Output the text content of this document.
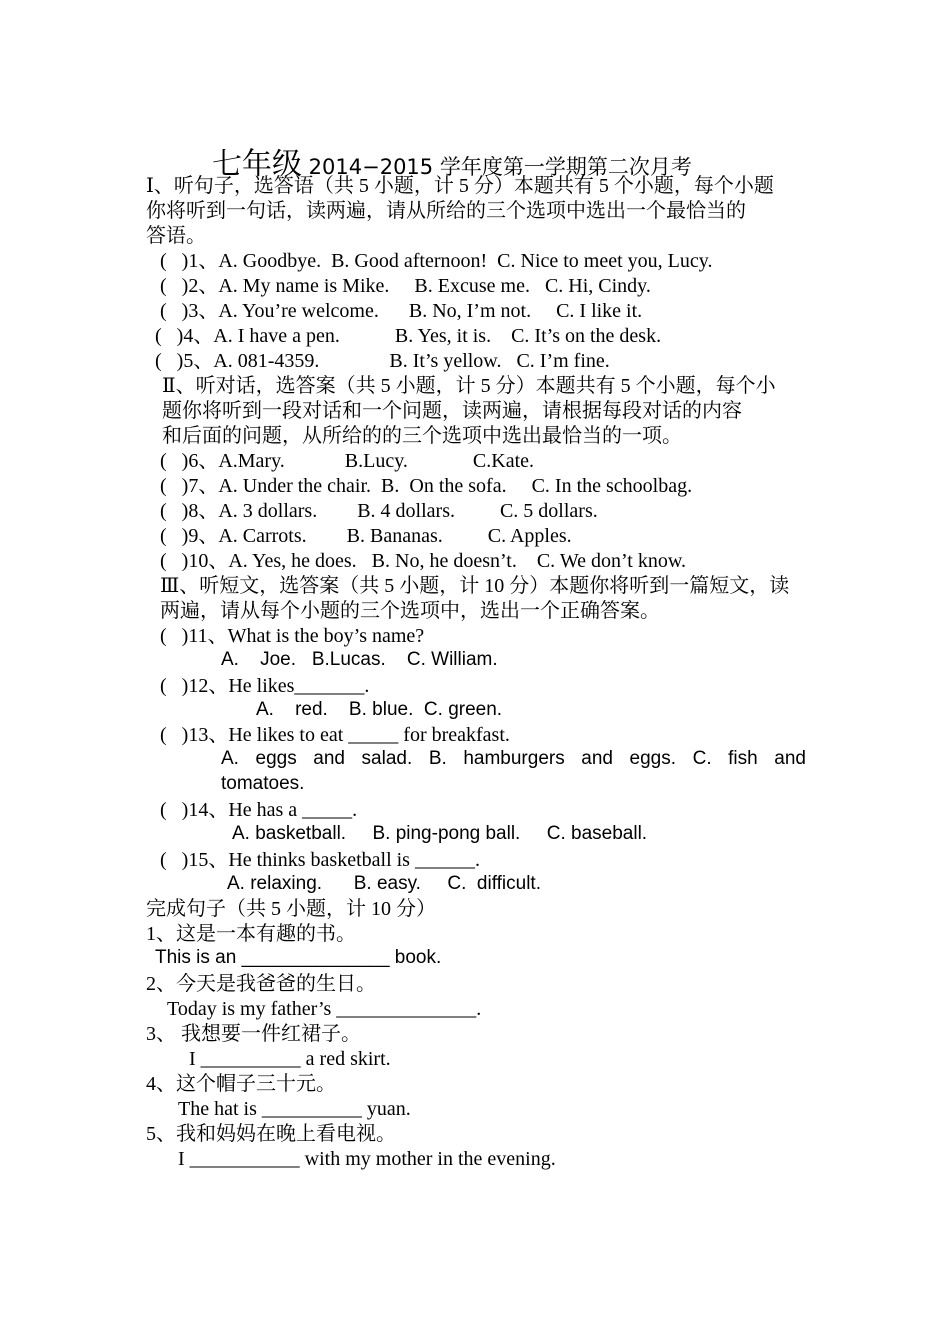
七年级 2014−2015 学年度第一学期第二次月考

Ⅰ、听句子，选答语（共 5 小题，计 5 分）本题共有 5 个小题，每个小题
你将听到一句话，读两遍，请从所给的三个选项中选出一个最恰当的
答语。
(   )1、A. Goodbye.  B. Good afternoon!  C. Nice to meet you, Lucy.
(   )2、A. My name is Mike.     B. Excuse me.   C. Hi, Cindy.
(   )3、A. You’re welcome.      B. No, I’m not.     C. I like it.
(   )4、A. I have a pen.           B. Yes, it is.    C. It’s on the desk.
(   )5、A. 081-4359.              B. It’s yellow.   C. I’m fine.
Ⅱ、听对话，选答案（共 5 小题，计 5 分）本题共有 5 个小题，每个小
题你将听到一段对话和一个问题，读两遍，请根据每段对话的内容
和后面的问题，从所给的的三个选项中选出最恰当的一项。
(   )6、A.Mary.            B.Lucy.             C.Kate.
(   )7、A. Under the chair.  B.  On the sofa.     C. In the schoolbag.
(   )8、A. 3 dollars.        B. 4 dollars.         C. 5 dollars.
(   )9、A. Carrots.        B. Bananas.         C. Apples.
(   )10、A. Yes, he does.   B. No, he doesn’t.    C. We don’t know.
Ⅲ、听短文，选答案（共 5 小题，计 10 分）本题你将听到一篇短文，读
两遍，请从每个小题的三个选项中，选出一个正确答案。
(   )11、What is the boy’s name?
A.    Joe.   B.Lucas.    C. William.
(   )12、He likes_______.
A.    red.    B. blue.  C. green.
(   )13、He likes to eat _____ for breakfast.
A. eggs and salad. B. hamburgers and eggs. C. fish and
tomatoes.
(   )14、He has a _____.
A. basketball.     B. ping-pong ball.     C. baseball.
(   )15、He thinks basketball is ______.
A. relaxing.      B. easy.     C.  difficult.
完成句子（共 5 小题，计 10 分）
1、这是一本有趣的书。
This is an ______________ book.
2、今天是我爸爸的生日。
Today is my father’s ______________.
3、 我想要一件红裙子。
I __________ a red skirt.
4、这个帽子三十元。
The hat is __________ yuan.
5、我和妈妈在晚上看电视。
I ___________ with my mother in the evening.
